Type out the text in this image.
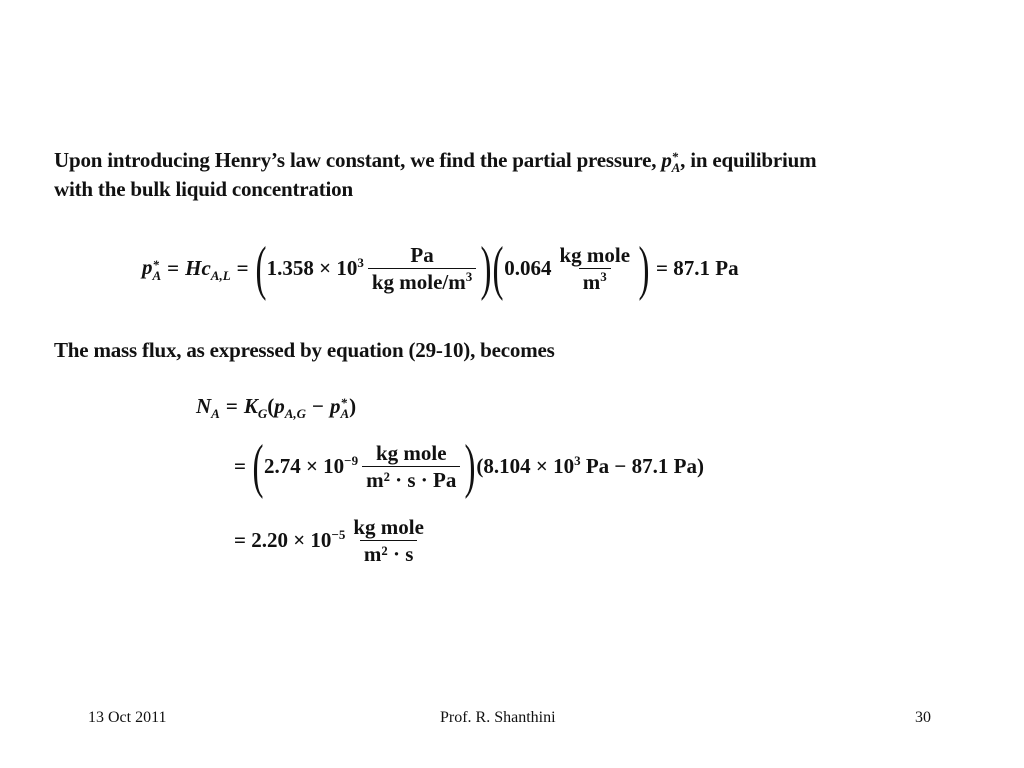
Upon introducing Henry’s law constant, we find the partial pressure, p *
A , in equilibrium
with the bulk liquid concentration
p *
$A = Hc_{A,L}$ = ( $1.358 \times 10^3 \frac{Pa}{kg mole/m^3}$ ) ( $0.064 \frac{\text{kg mole}}{m^3}$ ) = 87.1 Pa
The mass flux, as expressed by equation (29-10), becomes
$N_A = K_G$ ( $p_{A,G} - p$ *
A )
= ( $2.74 \times 10^{-9} \frac{\text{kg mole}}{\text{m² · s · Pa}}$ ) ($8.104 \times 10^3$ Pa − 87.1 Pa)
= $2.20 \times 10^{-5} \frac{\text{kg mole}}{\text{m² · s}}$
13 Oct 2011	Prof. R. Shanthini	30
